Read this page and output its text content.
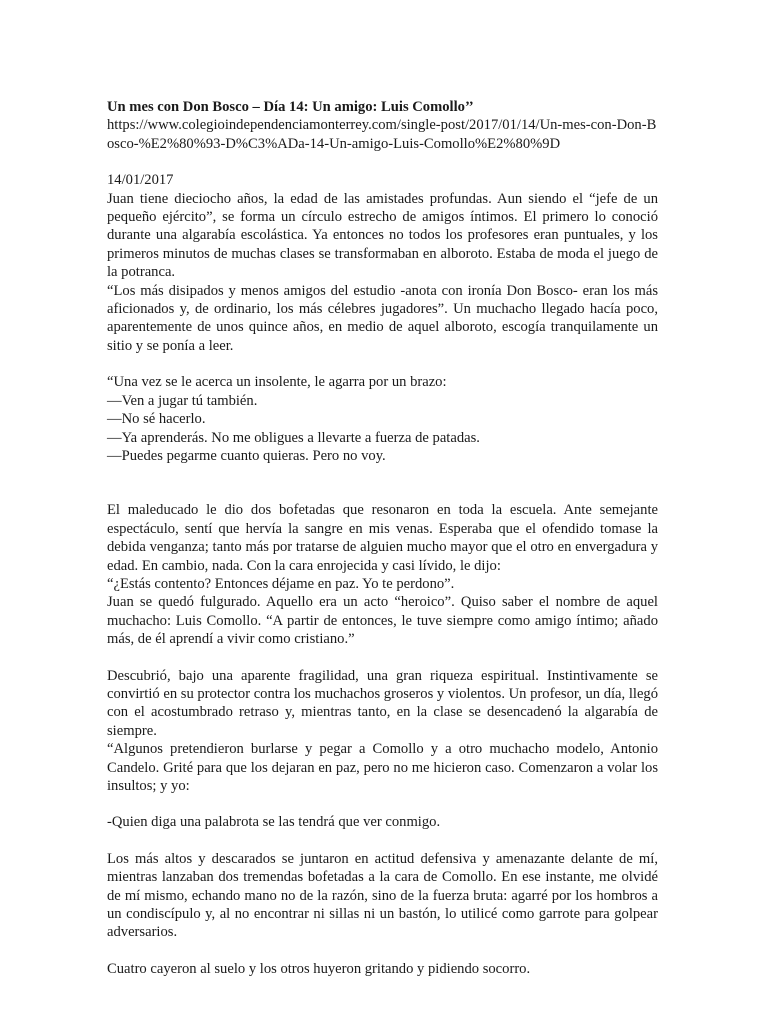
Un mes con Don Bosco – Día 14: Un amigo: Luis Comollo’’

https://www.colegioindependenciamonterrey.com/single-post/2017/01/14/Un-mes-con-Don-Bosco-%E2%80%93-D%C3%ADa-14-Un-amigo-Luis-Comollo%E2%80%9D

14/01/2017

Juan tiene dieciocho años, la edad de las amistades profundas. Aun siendo el “jefe de un pequeño ejército”, se forma un círculo estrecho de amigos íntimos. El primero lo conoció durante una algarabía escolástica. Ya entonces no todos los profesores eran puntuales, y los primeros minutos de muchas clases se transformaban en alboroto. Estaba de moda el juego de la potranca.

“Los más disipados y menos amigos del estudio -anota con ironía Don Bosco- eran los más aficionados y, de ordinario, los más célebres jugadores”. Un muchacho llegado hacía poco, aparentemente de unos quince años, en medio de aquel alboroto, escogía tranquilamente un sitio y se ponía a leer.

“Una vez se le acerca un insolente, le agarra por un brazo:

—Ven a jugar tú también.

—No sé hacerlo.

—Ya aprenderás. No me obligues a llevarte a fuerza de patadas.

—Puedes pegarme cuanto quieras. Pero no voy.

El maleducado le dio dos bofetadas que resonaron en toda la escuela. Ante semejante espectáculo, sentí que hervía la sangre en mis venas. Esperaba que el ofendido tomase la debida venganza; tanto más por tratarse de alguien mucho mayor que el otro en envergadura y edad. En cambio, nada. Con la cara enrojecida y casi lívido, le dijo:

“¿Estás contento? Entonces déjame en paz. Yo te perdono”.

Juan se quedó fulgurado. Aquello era un acto “heroico”. Quiso saber el nombre de aquel muchacho: Luis Comollo. “A partir de entonces, le tuve siempre como amigo íntimo; añado más, de él aprendí a vivir como cristiano.”

Descubrió, bajo una aparente fragilidad, una gran riqueza espiritual. Instintivamente se convirtió en su protector contra los muchachos groseros y violentos. Un profesor, un día, llegó con el acostumbrado retraso y, mientras tanto, en la clase se desencadenó la algarabía de siempre.

“Algunos pretendieron burlarse y pegar a Comollo y a otro muchacho modelo, Antonio Candelo. Grité para que los dejaran en paz, pero no me hicieron caso. Comenzaron a volar los insultos; y yo:

-Quien diga una palabrota se las tendrá que ver conmigo.

Los más altos y descarados se juntaron en actitud defensiva y amenazante delante de mí, mientras lanzaban dos tremendas bofetadas a la cara de Comollo. En ese instante, me olvidé de mí mismo, echando mano no de la razón, sino de la fuerza bruta: agarré por los hombros a un condiscípulo y, al no encontrar ni sillas ni un bastón, lo utilicé como garrote para golpear adversarios.

Cuatro cayeron al suelo y los otros huyeron gritando y pidiendo socorro.
